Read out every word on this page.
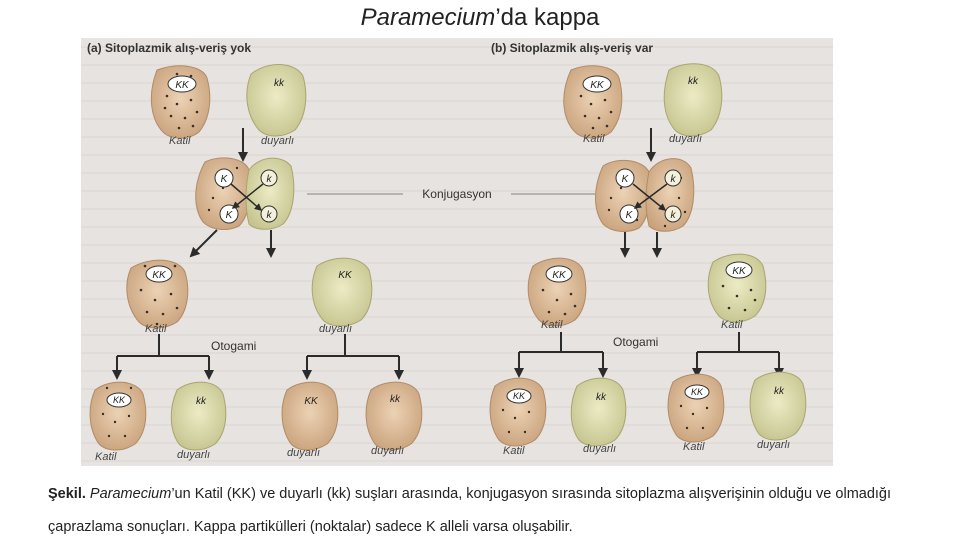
Paramecium’da kappa
(a) Sitoplazmik alış-veriş yok	(b) Sitoplazmik alış-veriş var
KK
Katil
kk
duyarlı
K	k
K	k
Konjugasyon
KK
Katil
KK
duyarlı
Otogami
KK
Katil
kk
duyarlı
KK
duyarlı
kk
duyarlı
KK
Katil
kk
duyarlı
K	k
K	k
KK
Katil
KK
Katil
Otogami
KK
Katil
kk
duyarlı
KK
Katil
kk
duyarlı
Şekil. Paramecium’un Katil (KK) ve duyarlı (kk) suşları arasında, konjugasyon sırasında sitoplazma alışverişinin olduğu ve olmadığı çaprazlama sonuçları. Kappa partikülleri (noktalar) sadece K alleli varsa oluşabilir.
